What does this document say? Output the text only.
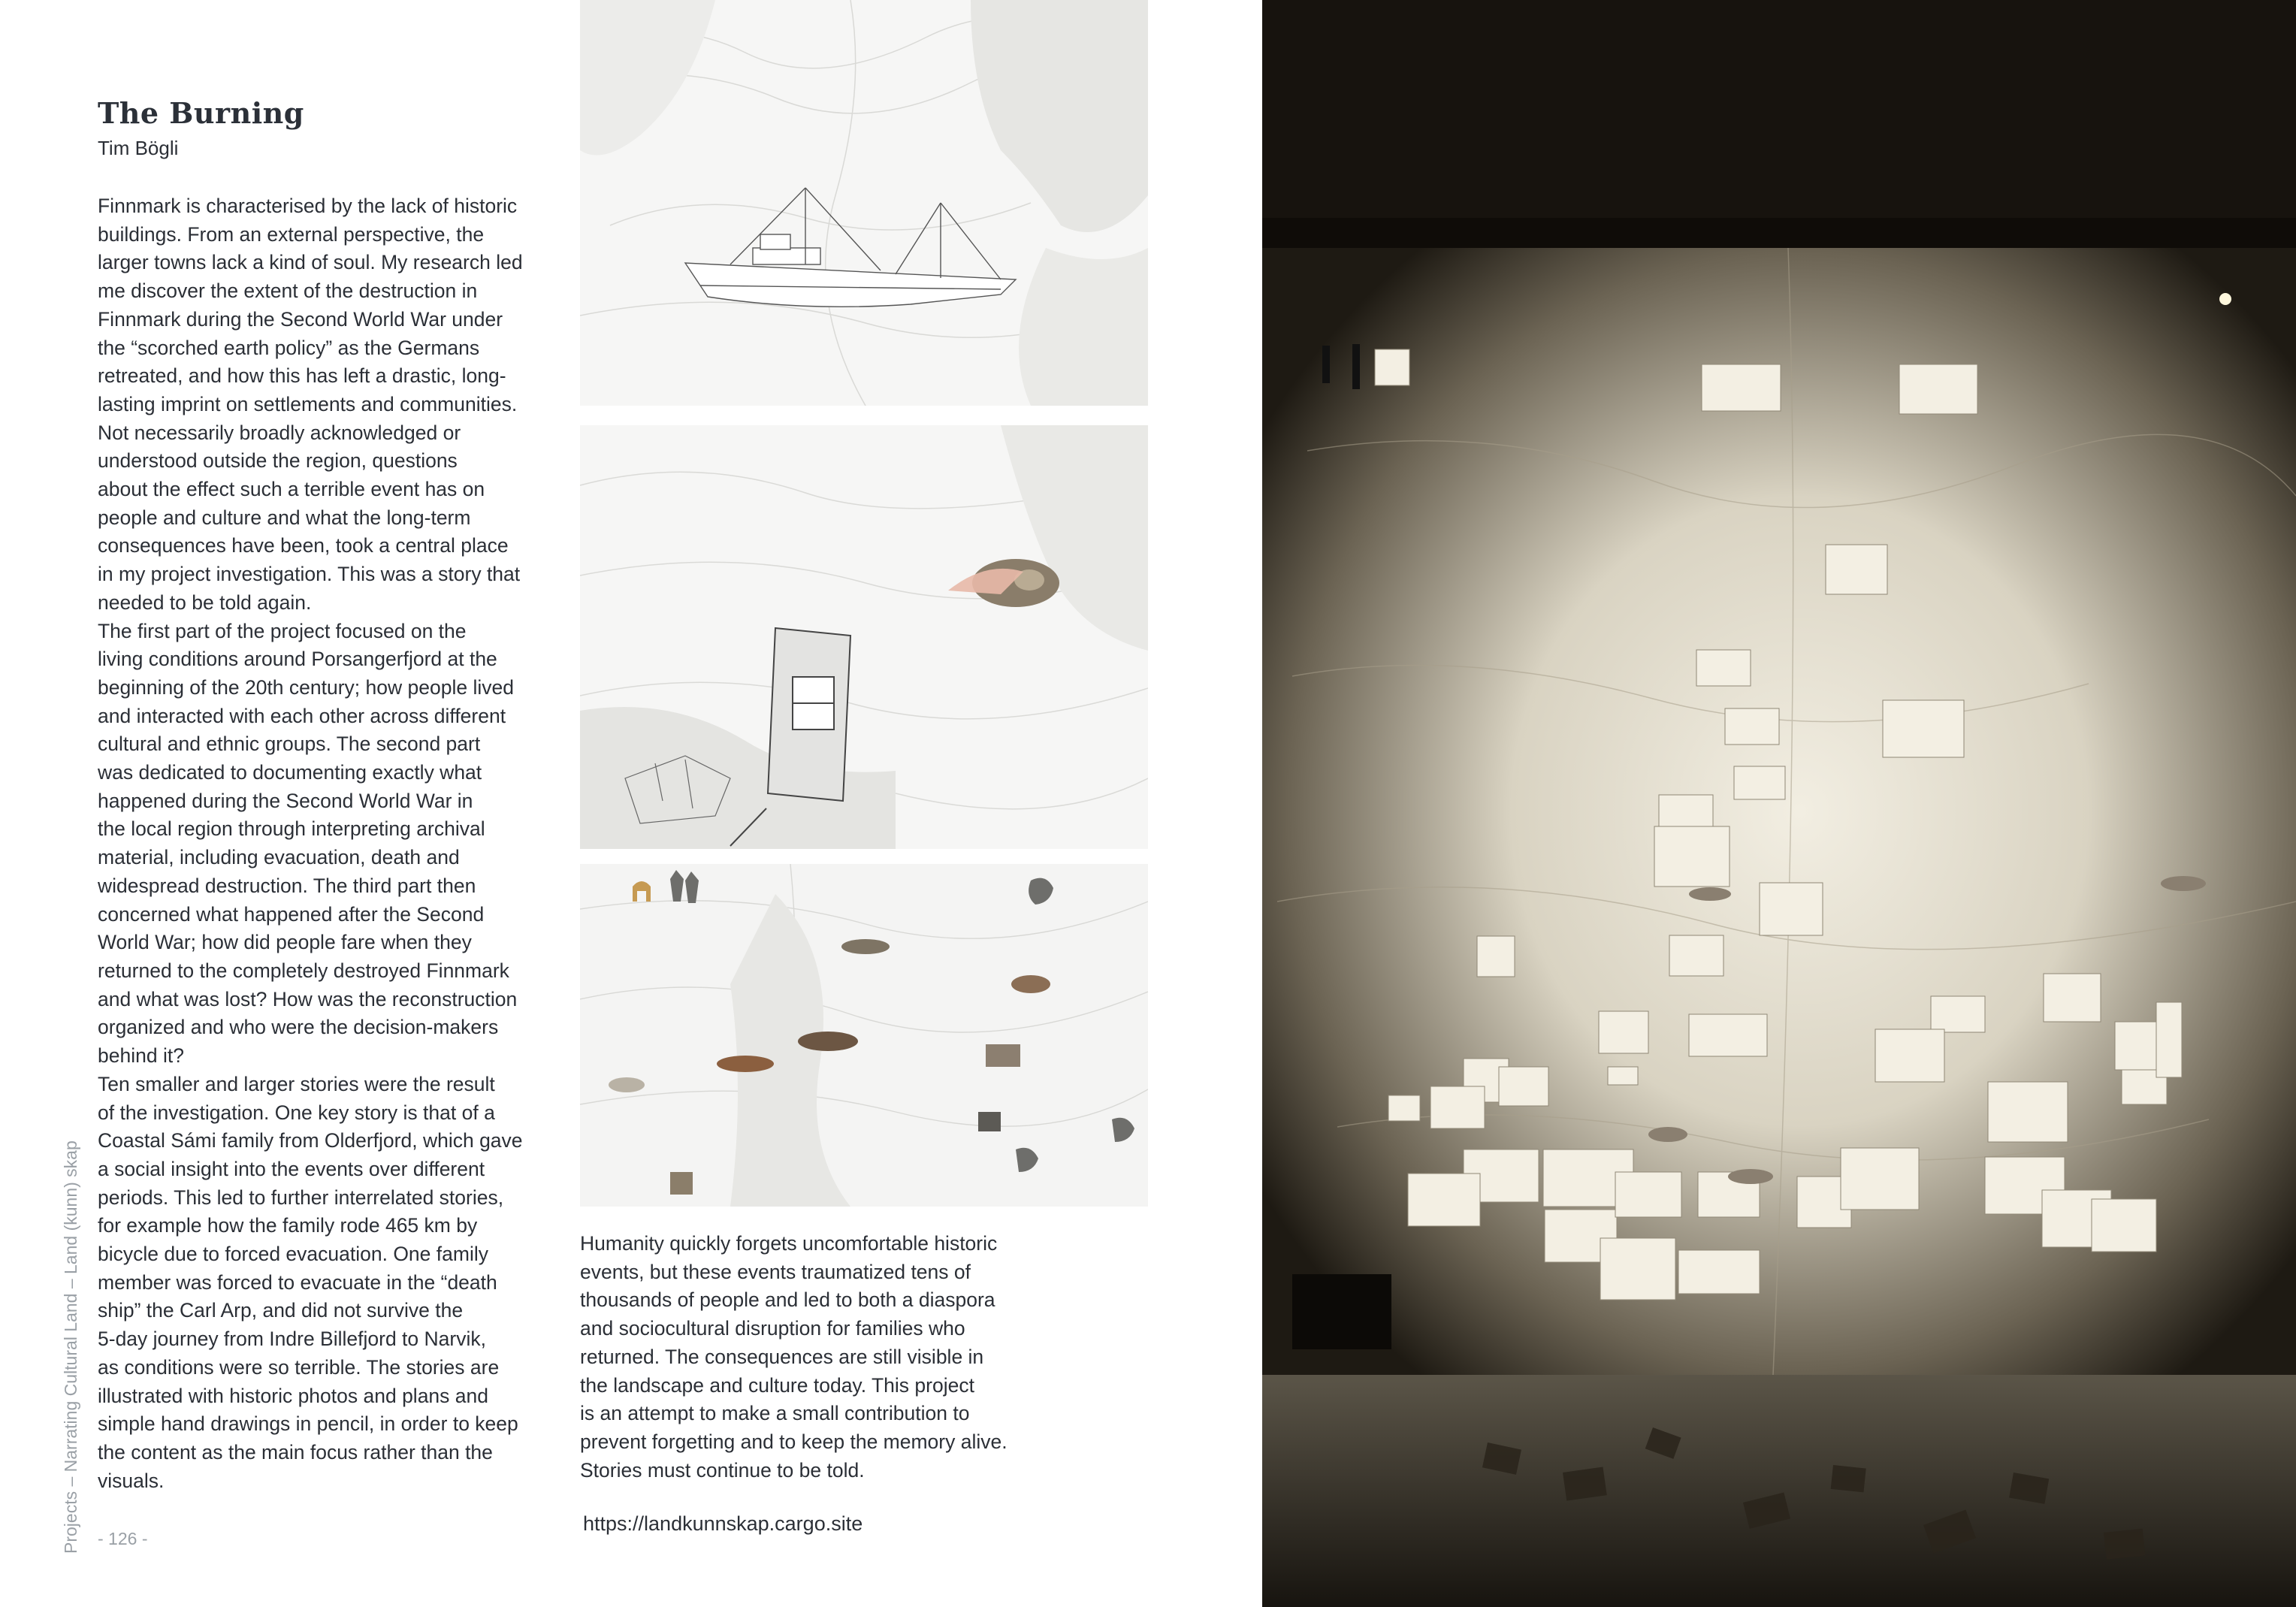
The Burning
Tim Bögli
Finnmark is characterised by the lack of historic
buildings. From an external perspective, the
larger towns lack a kind of soul. My research led
me discover the extent of the destruction in
Finnmark during the Second World War under
the “scorched earth policy” as the Germans
retreated, and how this has left a drastic, long-
lasting imprint on settlements and communities.
Not necessarily broadly acknowledged or
understood outside the region, questions
about the effect such a terrible event has on
people and culture and what the long-term
consequences have been, took a central place
in my project investigation. This was a story that
needed to be told again.
The first part of the project focused on the
living conditions around Porsangerfjord at the
beginning of the 20th century; how people lived
and interacted with each other across different
cultural and ethnic groups. The second part
was dedicated to documenting exactly what
happened during the Second World War in
the local region through interpreting archival
material, including evacuation, death and
widespread destruction. The third part then
concerned what happened after the Second
World War; how did people fare when they
returned to the completely destroyed Finnmark
and what was lost? How was the reconstruction
organized and who were the decision-makers
behind it?
Ten smaller and larger stories were the result
of the investigation. One key story is that of a
Coastal Sámi family from Olderfjord, which gave
a social insight into the events over different
periods. This led to further interrelated stories,
for example how the family rode 465 km by
bicycle due to forced evacuation. One family
member was forced to evacuate in the “death
ship” the Carl Arp, and did not survive the
5-day journey from Indre Billefjord to Narvik,
as conditions were so terrible. The stories are
illustrated with historic photos and plans and
simple hand drawings in pencil, in order to keep
the content as the main focus rather than the
visuals.
Humanity quickly forgets uncomfortable historic
events, but these events traumatized tens of
thousands of people and led to both a diaspora
and sociocultural disruption for families who
returned. The consequences are still visible in
the landscape and culture today. This project
is an attempt to make a small contribution to
prevent forgetting and to keep the memory alive.
Stories must continue to be told.
https://landkunnskap.cargo.site
- 126 -
Projects – Narrating Cultural Land – Land (kunn) skap
